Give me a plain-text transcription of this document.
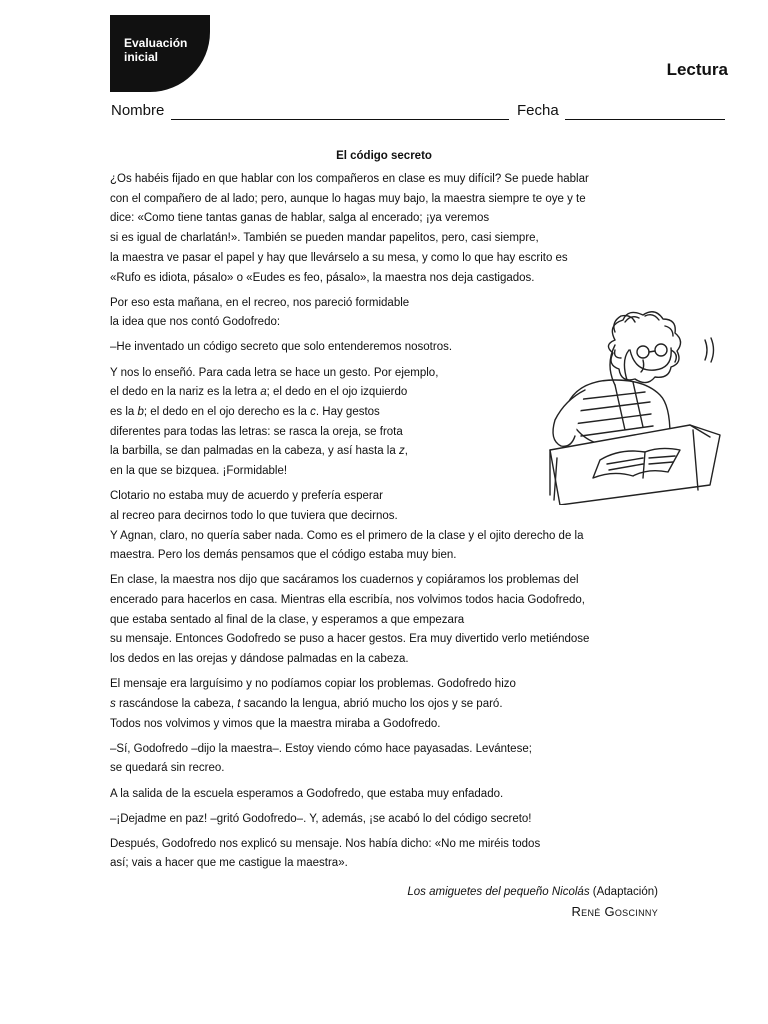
Evaluación
inicial
Lectura
Nombre	Fecha
El código secreto
¿Os habéis fijado en que hablar con los compañeros en clase es muy difícil? Se puede hablar
con el compañero de al lado; pero, aunque lo hagas muy bajo, la maestra siempre te oye y te
dice: «Como tiene tantas ganas de hablar, salga al encerado; ¡ya veremos
si es igual de charlatán!». También se pueden mandar papelitos, pero, casi siempre,
la maestra ve pasar el papel y hay que llevárselo a su mesa, y como lo que hay escrito es
«Rufo es idiota, pásalo» o «Eudes es feo, pásalo», la maestra nos deja castigados.
Por eso esta mañana, en el recreo, nos pareció formidable
la idea que nos contó Godofredo:
–He inventado un código secreto que solo entenderemos nosotros.
Y nos lo enseñó. Para cada letra se hace un gesto. Por ejemplo,
el dedo en la nariz es la letra a; el dedo en el ojo izquierdo
es la b; el dedo en el ojo derecho es la c. Hay gestos
diferentes para todas las letras: se rasca la oreja, se frota
la barbilla, se dan palmadas en la cabeza, y así hasta la z,
en la que se bizquea. ¡Formidable!
Clotario no estaba muy de acuerdo y prefería esperar
al recreo para decirnos todo lo que tuviera que decirnos.
Y Agnan, claro, no quería saber nada. Como es el primero de la clase y el ojito derecho de la
maestra. Pero los demás pensamos que el código estaba muy bien.
En clase, la maestra nos dijo que sacáramos los cuadernos y copiáramos los problemas del
encerado para hacerlos en casa. Mientras ella escribía, nos volvimos todos hacia Godofredo,
que estaba sentado al final de la clase, y esperamos a que empezara
su mensaje. Entonces Godofredo se puso a hacer gestos. Era muy divertido verlo metiéndose
los dedos en las orejas y dándose palmadas en la cabeza.
El mensaje era larguísimo y no podíamos copiar los problemas. Godofredo hizo
s rascándose la cabeza, t sacando la lengua, abrió mucho los ojos y se paró.
Todos nos volvimos y vimos que la maestra miraba a Godofredo.
–Sí, Godofredo –dijo la maestra–. Estoy viendo cómo hace payasadas. Levántese;
se quedará sin recreo.
A la salida de la escuela esperamos a Godofredo, que estaba muy enfadado.
–¡Dejadme en paz! –gritó Godofredo–. Y, además, ¡se acabó lo del código secreto!
Después, Godofredo nos explicó su mensaje. Nos había dicho: «No me miréis todos
así; vais a hacer que me castigue la maestra».
Los amiguetes del pequeño Nicolás (Adaptación)
René Goscinny
